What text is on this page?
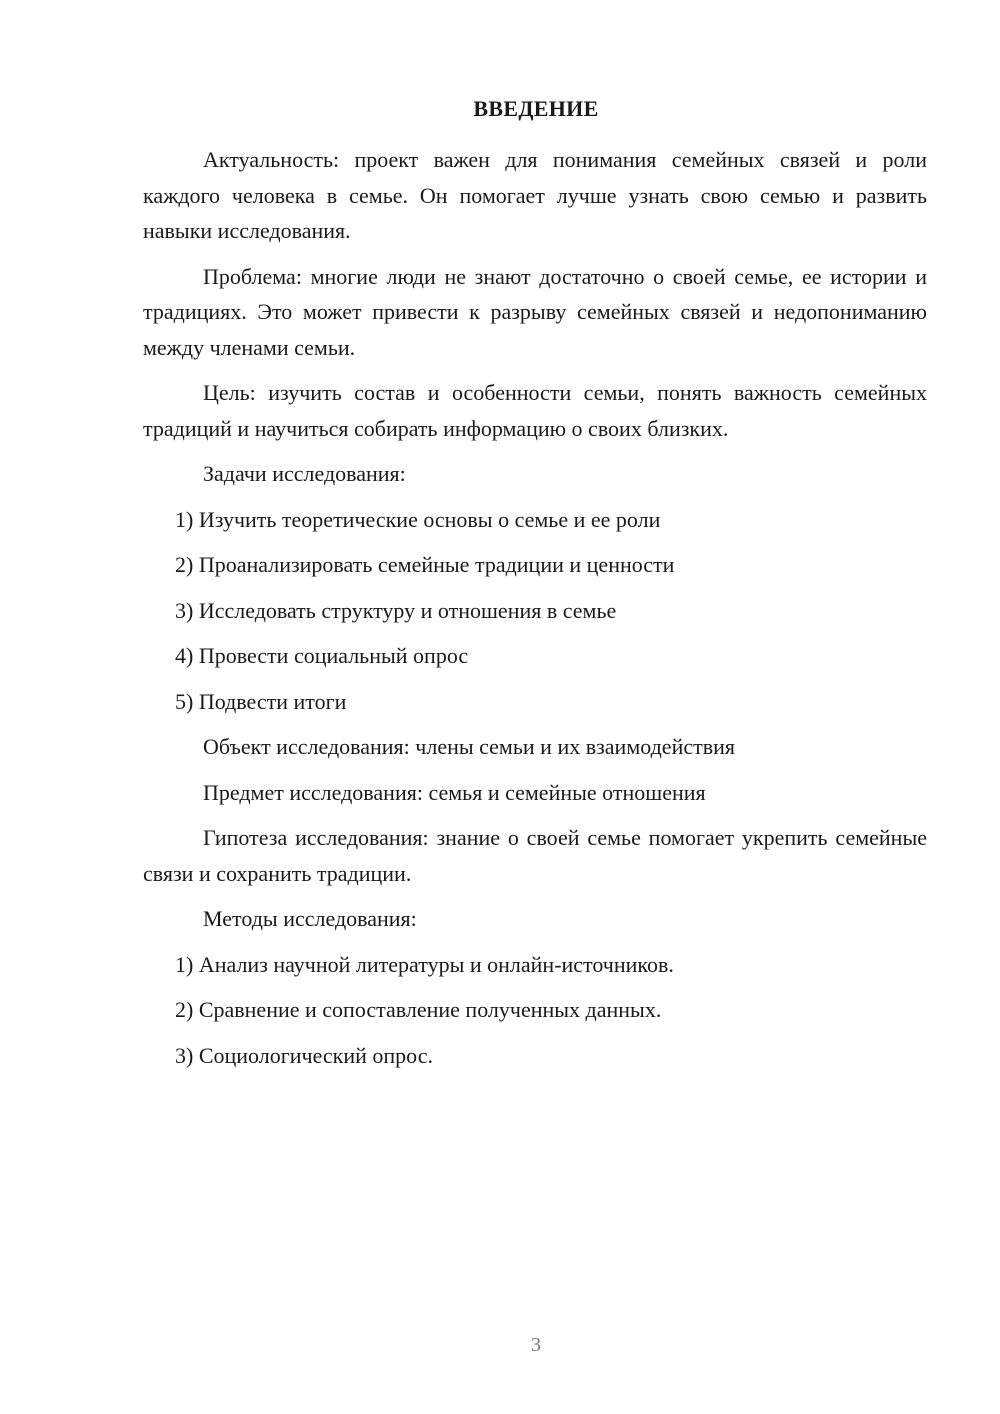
ВВЕДЕНИЕ

Актуальность: проект важен для понимания семейных связей и роли каждого человека в семье. Он помогает лучше узнать свою семью и развить навыки исследования.

Проблема: многие люди не знают достаточно о своей семье, ее истории и традициях. Это может привести к разрыву семейных связей и недопониманию между членами семьи.

Цель: изучить состав и особенности семьи, понять важность семейных традиций и научиться собирать информацию о своих близких.

Задачи исследования:

1) Изучить теоретические основы о семье и ее роли

2) Проанализировать семейные традиции и ценности

3) Исследовать структуру и отношения в семье

4) Провести социальный опрос

5) Подвести итоги

Объект исследования: члены семьи и их взаимодействия

Предмет исследования: семья и семейные отношения

Гипотеза исследования: знание о своей семье помогает укрепить семейные связи и сохранить традиции.

Методы исследования:

1) Анализ научной литературы и онлайн-источников.

2) Сравнение и сопоставление полученных данных.

3) Социологический опрос.

3
